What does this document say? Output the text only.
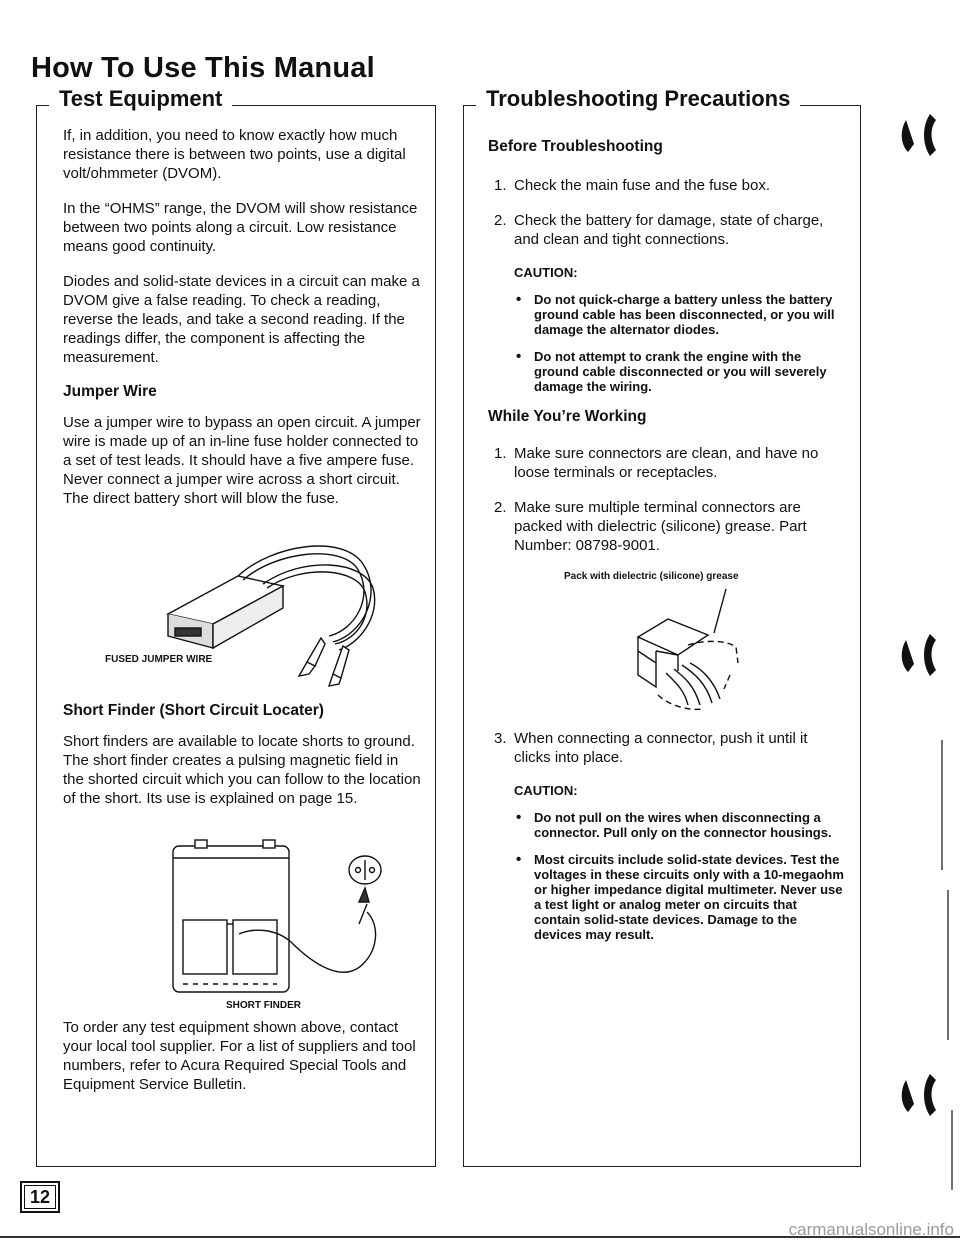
How To Use This Manual
Test Equipment

If, in addition, you need to know exactly how much resistance there is between two points, use a digital volt/ohmmeter (DVOM).

In the “OHMS” range, the DVOM will show resistance between two points along a circuit. Low resistance means good continuity.

Diodes and solid-state devices in a circuit can make a DVOM give a false reading. To check a reading, reverse the leads, and take a second reading. If the readings differ, the component is affecting the measurement.

Jumper Wire

Use a jumper wire to bypass an open circuit. A jumper wire is made up of an in-line fuse holder connected to a set of test leads. It should have a five ampere fuse. Never connect a jumper wire across a short circuit. The direct battery short will blow the fuse.

FUSED JUMPER WIRE
Short Finder (Short Circuit Locater)

Short finders are available to locate shorts to ground. The short finder creates a pulsing magnetic field in the shorted circuit which you can follow to the location of the short. Its use is explained on page 15.

SHORT FINDER

To order any test equipment shown above, contact your local tool supplier. For a list of suppliers and tool numbers, refer to Acura Required Special Tools and Equipment Service Bulletin.

Troubleshooting Precautions
Before Troubleshooting
1. Check the main fuse and the fuse box.
2. Check the battery for damage, state of charge, and clean and tight connections.
CAUTION:
• Do not quick-charge a battery unless the battery ground cable has been disconnected, or you will damage the alternator diodes.
• Do not attempt to crank the engine with the ground cable disconnected or you will severely damage the wiring.
While You’re Working
1. Make sure connectors are clean, and have no loose terminals or receptacles.
2. Make sure multiple terminal connectors are packed with dielectric (silicone) grease. Part Number: 08798-9001.
Pack with dielectric (silicone) grease
3. When connecting a connector, push it until it clicks into place.
CAUTION:
• Do not pull on the wires when disconnecting a connector. Pull only on the connector housings.
• Most circuits include solid-state devices. Test the voltages in these circuits only with a 10-megaohm or higher impedance digital multimeter. Never use a test light or analog meter on circuits that contain solid-state devices. Damage to the devices may result.
12
carmanualsonline.info
